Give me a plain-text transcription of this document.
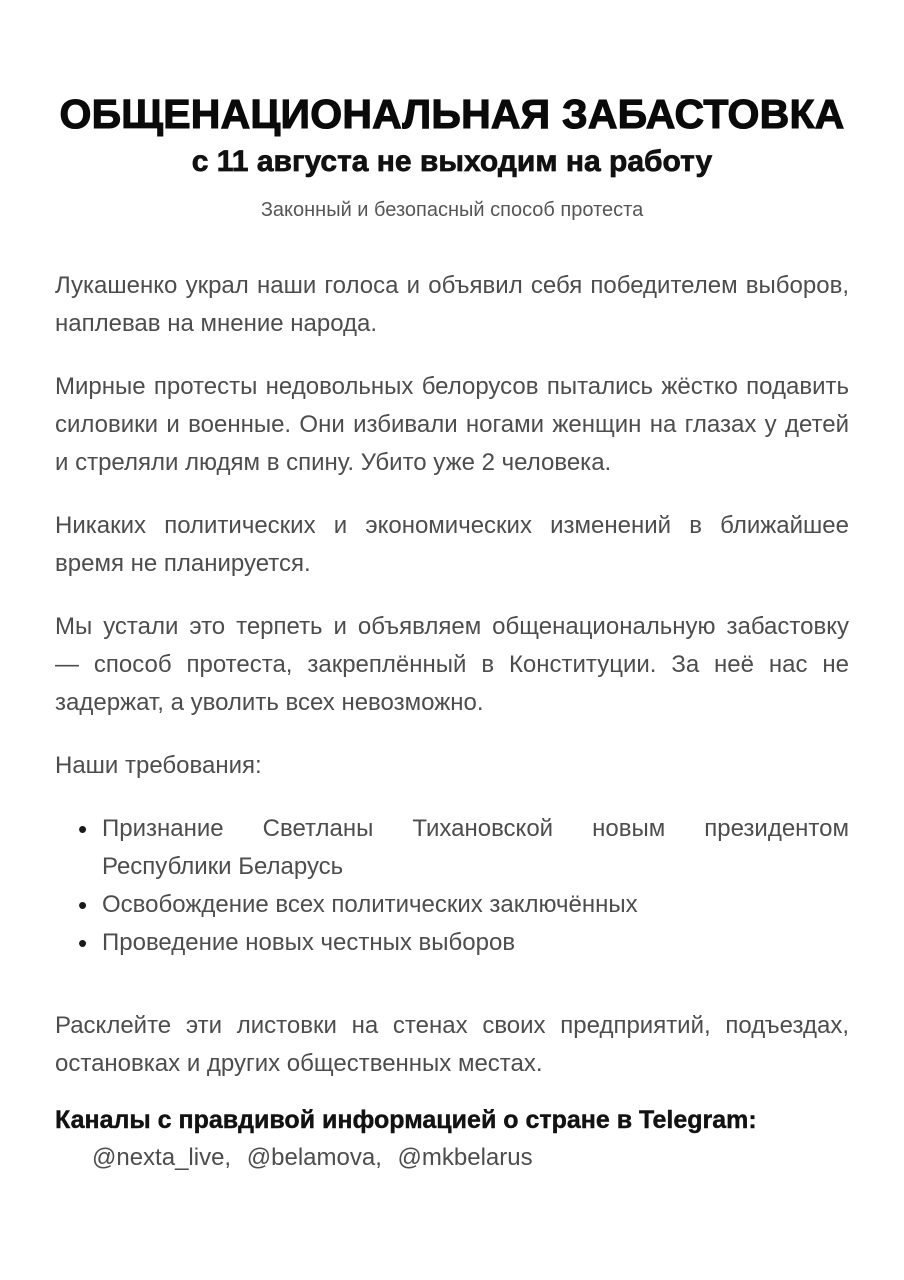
ОБЩЕНАЦИОНАЛЬНАЯ ЗАБАСТОВКА
с 11 августа не выходим на работу
Законный и безопасный способ протеста

Лукашенко украл наши голоса и объявил себя победителем выборов, наплевав на мнение народа.

Мирные протесты недовольных белорусов пытались жёстко подавить силовики и военные. Они избивали ногами женщин на глазах у детей и стреляли людям в спину. Убито уже 2 человека.

Никаких политических и экономических изменений в ближайшее время не планируется.

Мы устали это терпеть и объявляем общенациональную забастовку — способ протеста, закреплённый в Конституции. За неё нас не задержат, а уволить всех невозможно.

Наши требования:

• Признание Светланы Тихановской новым президентом Республики Беларусь
• Освобождение всех политических заключённых
• Проведение новых честных выборов

Расклейте эти листовки на стенах своих предприятий, подъездах, остановках и других общественных местах.

Каналы с правдивой информацией о стране в Telegram:

@nexta_live, @belamova, @mkbelarus
